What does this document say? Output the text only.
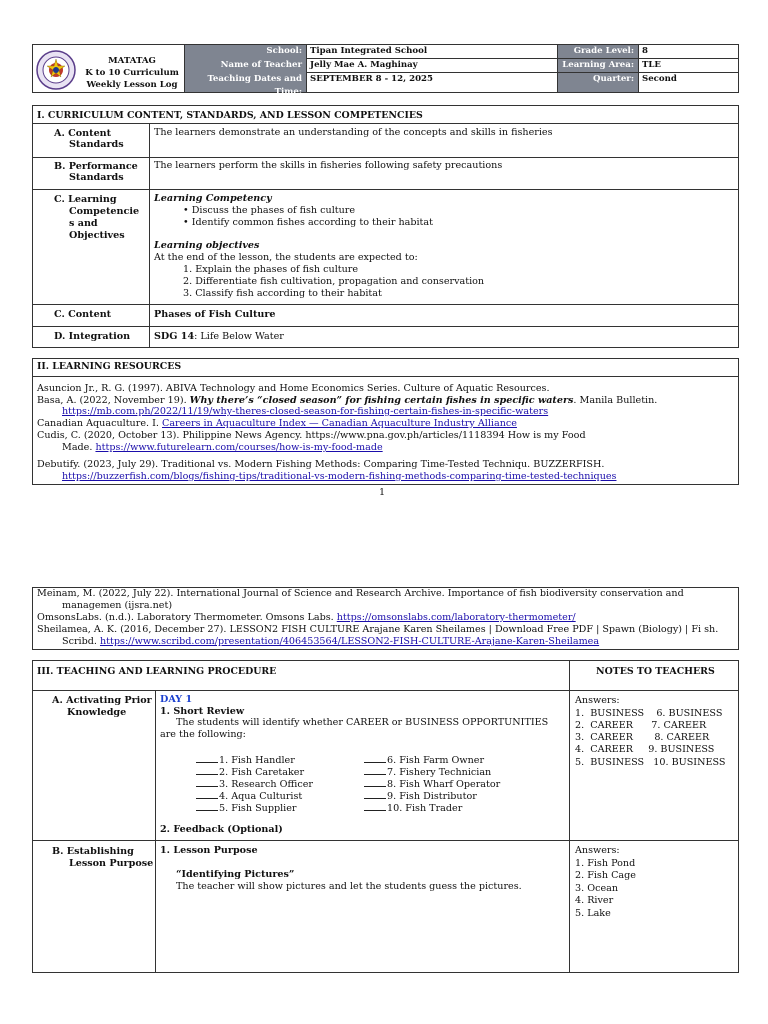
MATATAG
K to 10 Curriculum
Weekly Lesson Log
School:
Name of Teacher
Teaching Dates and Time:
Tipan Integrated School
Jelly Mae A. Maghinay
SEPTEMBER 8 - 12, 2025
Grade Level:
Learning Area:
Quarter:
8
TLE
Second
I. CURRICULUM CONTENT, STANDARDS, AND LESSON COMPETENCIES
A. Content
Standards
The learners demonstrate an understanding of the concepts and skills in fisheries
B. Performance
Standards
The learners perform the skills in fisheries following safety precautions
C. Learning
Competencie
s and
Objectives
Learning Competency
• Discuss the phases of fish culture
• Identify common fishes according to their habitat
Learning objectives
At the end of the lesson, the students are expected to:
1. Explain the phases of fish culture
2. Differentiate fish cultivation, propagation and conservation
3. Classify fish according to their habitat
C. Content	Phases of Fish Culture
D. Integration SDG 14: Life Below Water
II. LEARNING RESOURCES
Asuncion Jr., R. G. (1997). ABIVA Technology and Home Economics Series. Culture of Aquatic Resources.
Basa, A. (2022, November 19). Why there’s “closed season” for fishing certain fishes in specific waters. Manila Bulletin.
https://mb.com.ph/2022/11/19/why-theres-closed-season-for-fishing-certain-fishes-in-specific-waters
Canadian Aquaculture. I. Careers in Aquaculture Index — Canadian Aquaculture Industry Alliance
Cudis, C. (2020, October 13). Philippine News Agency. https://www.pna.gov.ph/articles/1118394 How is my Food
Made. https://www.futurelearn.com/courses/how-is-my-food-made
Debutify. (2023, July 29). Traditional vs. Modern Fishing Methods: Comparing Time-Tested Techniqu. BUZZERFISH.
https://buzzerfish.com/blogs/fishing-tips/traditional-vs-modern-fishing-methods-comparing-time-tested-techniques
1
Meinam, M. (2022, July 22). International Journal of Science and Research Archive. Importance of fish biodiversity conservation and
managemen (ijsra.net)
OmsonsLabs. (n.d.). Laboratory Thermometer. Omsons Labs. https://omsonslabs.com/laboratory-thermometer/
Sheilamea, A. K. (2016, December 27). LESSON2 FISH CULTURE Arajane Karen Sheilames | Download Free PDF | Spawn (Biology) | Fi sh.
Scribd. https://www.scribd.com/presentation/406453564/LESSON2-FISH-CULTURE-Arajane-Karen-Sheilamea
III. TEACHING AND LEARNING PROCEDURE	NOTES TO TEACHERS
A. Activating Prior
Knowledge
DAY 1
1. Short Review
The students will identify whether CAREER or BUSINESS OPPORTUNITIES
are the following:
1. Fish Handler
2. Fish Caretaker
3. Research Officer
4. Aqua Culturist
5. Fish Supplier
6. Fish Farm Owner
7. Fishery Technician
8. Fish Wharf Operator
9. Fish Distributor
10. Fish Trader
2. Feedback (Optional)
Answers:
1.  BUSINESS    6. BUSINESS
2.  CAREER      7. CAREER
3.  CAREER       8. CAREER
4.  CAREER     9. BUSINESS
5.  BUSINESS   10. BUSINESS
B. Establishing
Lesson Purpose
1. Lesson Purpose
“Identifying Pictures”
The teacher will show pictures and let the students guess the pictures.
Answers:
1. Fish Pond
2. Fish Cage
3. Ocean
4. River
5. Lake
